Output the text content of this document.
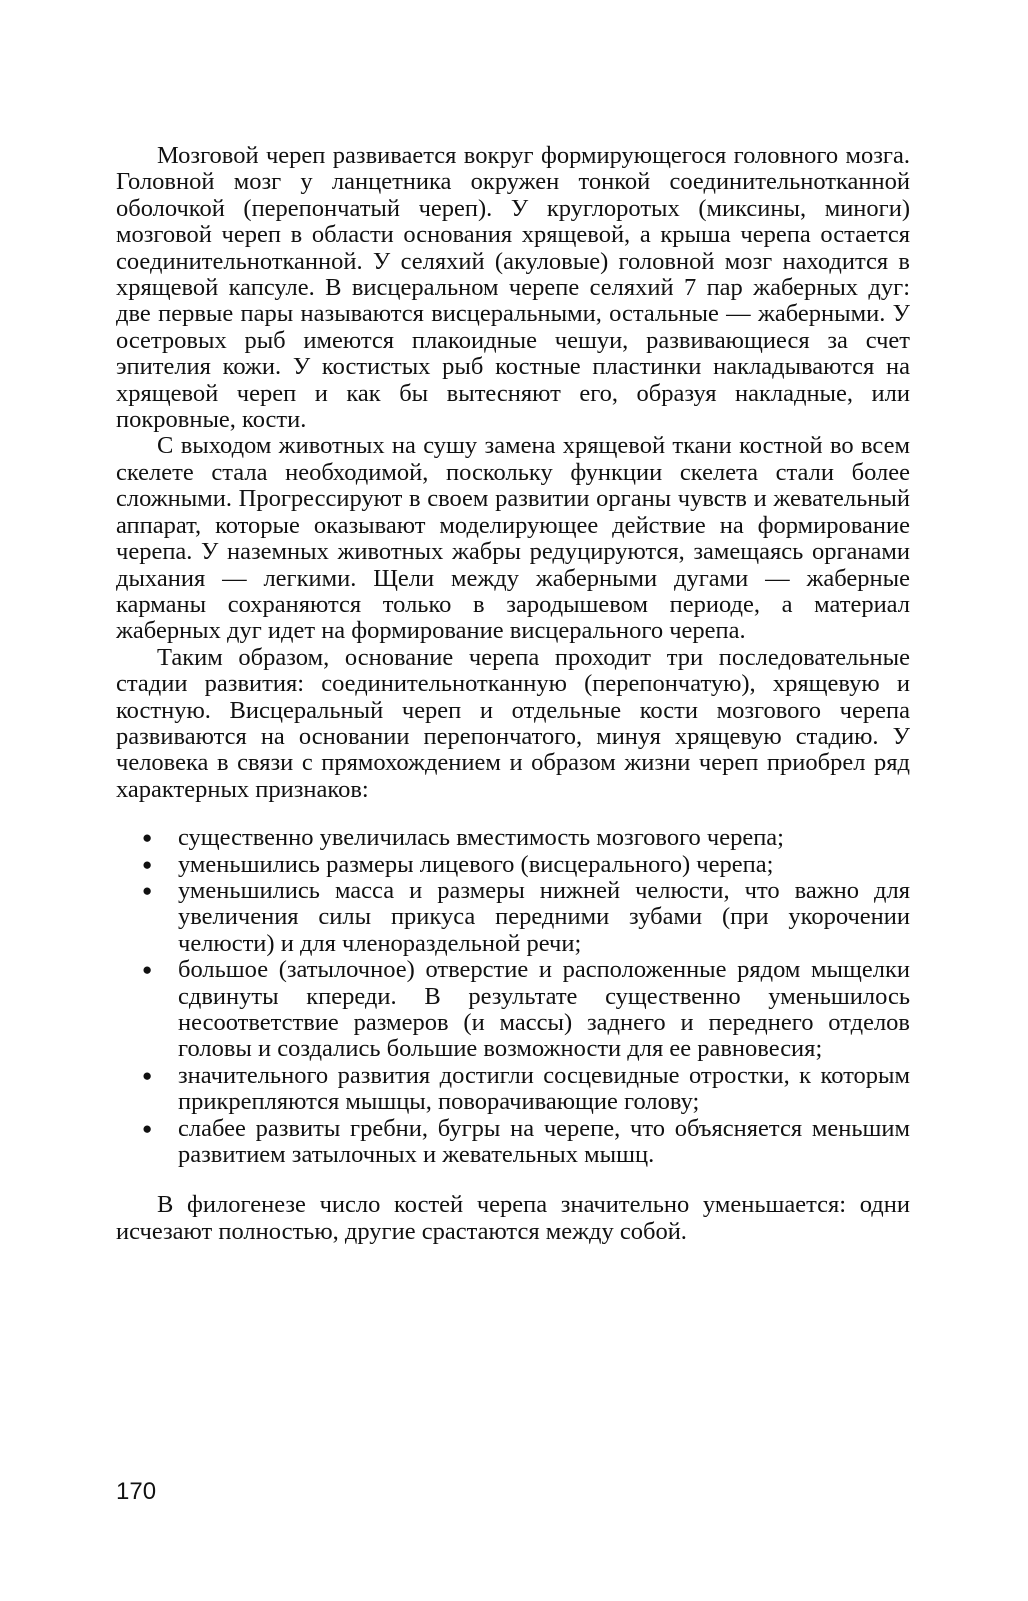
Мозговой череп развивается вокруг формирующегося головного мозга. Головной мозг у ланцетника окружен тонкой соединительнотканной оболочкой (перепончатый череп). У круглоротых (миксины, миноги) мозговой череп в области основания хрящевой, а крыша черепа остается соединительнотканной. У селяхий (акуловые) головной мозг находится в хрящевой капсуле. В висцеральном черепе селяхий 7 пар жаберных дуг: две первые пары называются висцеральными, остальные — жаберными. У осетровых рыб имеются плакоидные чешуи, развивающиеся за счет эпителия кожи. У костистых рыб костные пластинки накладываются на хрящевой череп и как бы вытесняют его, образуя накладные, или покровные, кости.

С выходом животных на сушу замена хрящевой ткани костной во всем скелете стала необходимой, поскольку функции скелета стали более сложными. Прогрессируют в своем развитии органы чувств и жевательный аппарат, которые оказывают моделирующее действие на формирование черепа. У наземных животных жабры редуцируются, замещаясь органами дыхания — легкими. Щели между жаберными дугами — жаберные карманы сохраняются только в зародышевом периоде, а материал жаберных дуг идет на формирование висцерального черепа.

Таким образом, основание черепа проходит три последовательные стадии развития: соединительнотканную (перепончатую), хрящевую и костную. Висцеральный череп и отдельные кости мозгового черепа развиваются на основании перепончатого, минуя хрящевую стадию. У человека в связи с прямохождением и образом жизни череп приобрел ряд характерных признаков:

● существенно увеличилась вместимость мозгового черепа;
● уменьшились размеры лицевого (висцерального) черепа;
● уменьшились масса и размеры нижней челюсти, что важно для увеличения силы прикуса передними зубами (при укорочении челюсти) и для членораздельной речи;
● большое (затылочное) отверстие и расположенные рядом мыщелки сдвинуты кпереди. В результате существенно уменьшилось несоответствие размеров (и массы) заднего и переднего отделов головы и создались большие возможности для ее равновесия;
● значительного развития достигли сосцевидные отростки, к которым прикрепляются мышцы, поворачивающие голову;
● слабее развиты гребни, бугры на черепе, что объясняется меньшим развитием затылочных и жевательных мышц.

В филогенезе число костей черепа значительно уменьшается: одни исчезают полностью, другие срастаются между собой.

170
